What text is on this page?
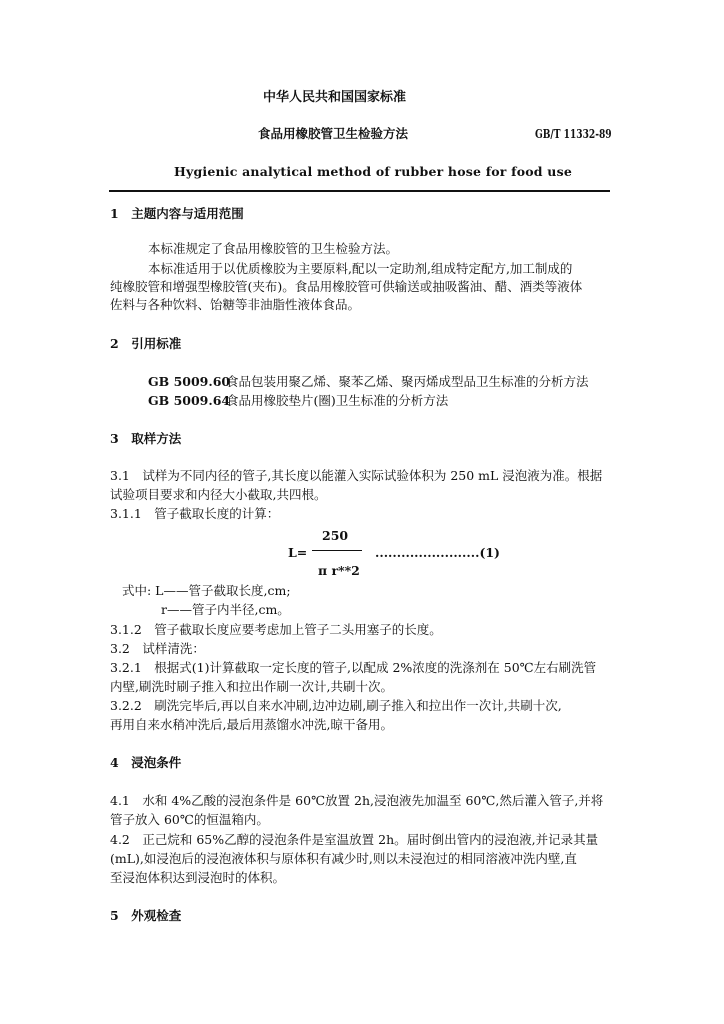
中华人民共和国国家标准
食品用橡胶管卫生检验方法	GB/T 11332-89
Hygienic analytical method of rubber hose for food use
1　主题内容与适用范围
本标准规定了食品用橡胶管的卫生检验方法。
本标准适用于以优质橡胶为主要原料,配以一定助剂,组成特定配方,加工制成的
纯橡胶管和增强型橡胶管(夹布)。食品用橡胶管可供输送或抽吸酱油、醋、酒类等液体
佐料与各种饮料、饴糖等非油脂性液体食品。
2　引用标准
GB 5009.60
食品包装用聚乙烯、聚苯乙烯、聚丙烯成型品卫生标准的分析方法
GB 5009.64
食品用橡胶垫片(圈)卫生标准的分析方法
3　取样方法
3.1　试样为不同内径的管子,其长度以能灌入实际试验体积为 250 mL 浸泡液为准。根据
试验项目要求和内径大小截取,共四根。
3.1.1　管子截取长度的计算：
250
L=	........................(1)
π r**2
式中: L——管子截取长度,cm;
r——管子内半径,cm。
3.1.2　管子截取长度应要考虑加上管子二头用塞子的长度。
3.2　试样清洗：
3.2.1　根据式(1)计算截取一定长度的管子,以配成 2%浓度的洗涤剂在 50℃左右刷洗管
内壁,刷洗时刷子推入和拉出作刷一次计,共刷十次。
3.2.2　刷洗完毕后,再以自来水冲刷,边冲边刷,刷子推入和拉出作一次计,共刷十次,
再用自来水稍冲洗后,最后用蒸馏水冲洗,晾干备用。
4　浸泡条件
4.1　水和 4%乙酸的浸泡条件是 60℃放置 2h,浸泡液先加温至 60℃,然后灌入管子,并将
管子放入 60℃的恒温箱内。
4.2　正己烷和 65%乙醇的浸泡条件是室温放置 2h。届时倒出管内的浸泡液,并记录其量
(mL),如浸泡后的浸泡液体积与原体积有减少时,则以未浸泡过的相同溶液冲洗内壁,直
至浸泡体积达到浸泡时的体积。
5　外观检查
